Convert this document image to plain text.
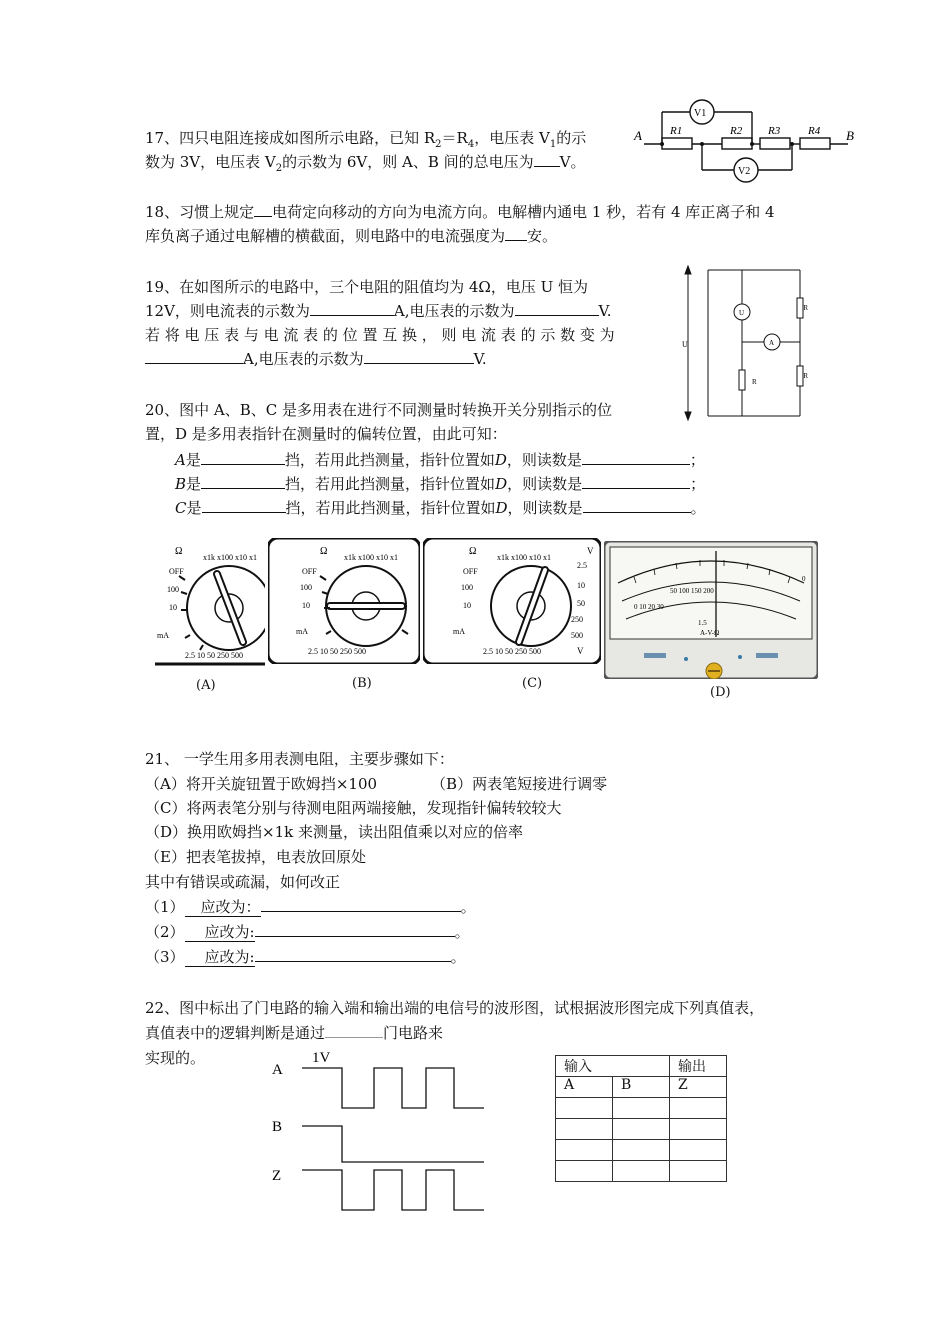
17、四只电阻连接成如图所示电路，已知 $R_2=R_4$，电压表 $V_1$的示
数为 3V，电压表 $V_2$的示数为 6V，则 A、B 间的总电压为 V。
A	B
R1	R2 R3	R4
V1
V2
18、习惯上规定 电荷定向移动的方向为电流方向。电解槽内通电 1 秒，若有 4 库正离子和 4
库负离子通过电解槽的横截面，则电路中的电流强度为 安。
19、在如图所示的电路中，三个电阻的阻值均为 4Ω，电压 U 恒为
12V，则电流表的示数为	A,电压表的示数为	V.
若 将 电 压 表 与 电 流 表 的 位 置 互 换 ， 则 电 流 表 的 示 数 变 为
A,电压表的示数为	V.
U
U
A
R
R
R
20、图中 A、B、C 是多用表在进行不同测量时转换开关分别指示的位
置，D 是多用表指针在测量时的偏转位置，由此可知：
A是	挡，若用此挡测量，指针位置如D，则读数是	；
B是	挡，若用此挡测量，指针位置如D，则读数是	；
C是	挡，若用此挡测量，指针位置如D，则读数是	。
Ω
x1k x100 x10 x1
OFF
100
10
mA
2.5 10 50 250 500
(A)
Ω
x1k x100 x10 x1
OFF
100
10
mA
2.5 10 50 250 500
(B)
Ω
x1k x100 x10 x1
V
OFF
100
10
mA
2.5 10 50 250 500	V
2.5
10
50
250
500
(C)
50 100 150 200
0 10 20 30
1.5
A-V-Ω
0
(D)
21、 一学生用多用表测电阻，主要步骤如下：
（A）将开关旋钮置于欧姆挡×100	（B）两表笔短接进行调零
（C）将两表笔分别与待测电阻两端接触，发现指针偏转较较大
（D）换用欧姆挡×1k 来测量，读出阻值乘以对应的倍率
（E）把表笔拔掉，电表放回原处
其中有错误或疏漏，如何改正
（1） 应改为：	。
（2） 应改为:	。
（3） 应改为:	。
22、图中标出了门电路的输入端和输出端的电信号的波形图，试根据波形图完成下列真值表，
真值表中的逻辑判断是通过	门电路来
实现的。
A
1V
B
Z
输入		输出
A	B	Z
